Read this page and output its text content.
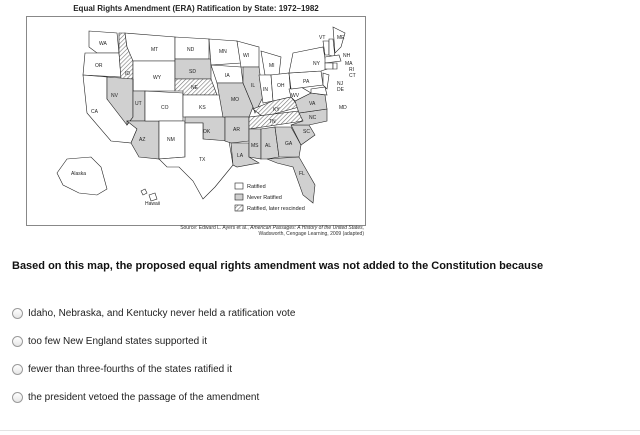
Equal Rights Amendment (ERA) Ratification by State: 1972–1982
WA
OR
CA
NV
ID
MT
WY
UT
AZ
CO
NM
ND
SD
NE
KS
OK
TX
MN
IA
MO
AR
LA
WI
IL
MI
IN
OH
KY
TN
MS AL	GA
FL
SC
NC
VA
WV
PA
NY
VT
NH
ME
MA
RI
CT
NJ
DE
MD
Alaska
Hawaii
Ratified
Never Ratified
Ratified, later rescinded
Source: Edward L. Ayers et al., American Passages: A History of the United States,
Wadsworth, Cengage Learning, 2009 (adapted)
Based on this map, the proposed equal rights amendment was not added to the Constitution because
Idaho, Nebraska, and Kentucky never held a ratification vote
too few New England states supported it
fewer than three-fourths of the states ratified it
the president vetoed the passage of the amendment
